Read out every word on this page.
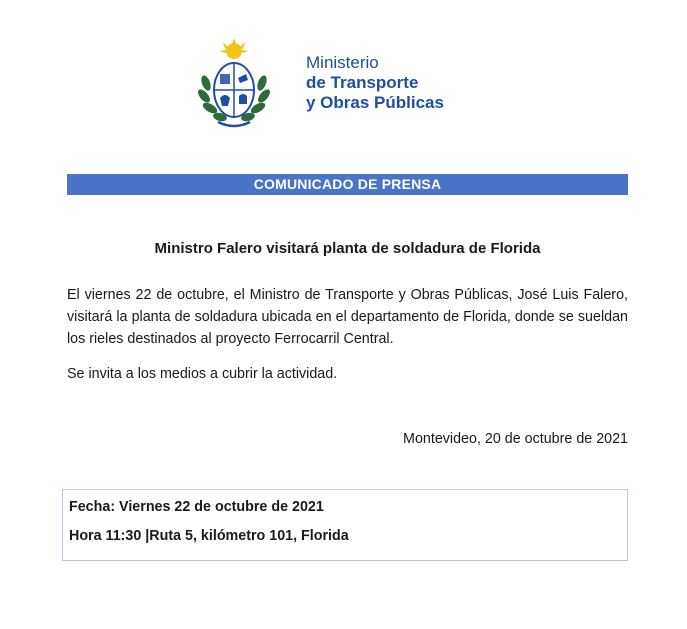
Ministerio
de Transporte
y Obras Públicas
COMUNICADO DE PRENSA
Ministro Falero visitará planta de soldadura de Florida
El viernes 22 de octubre, el Ministro de Transporte y Obras Públicas, José Luis Falero, visitará la planta de soldadura ubicada en el departamento de Florida, donde se sueldan los rieles destinados al proyecto Ferrocarril Central.
Se invita a los medios a cubrir la actividad.
Montevideo, 20 de octubre de 2021
Fecha: Viernes 22 de octubre de 2021
Hora 11:30 |Ruta 5, kilómetro 101, Florida
